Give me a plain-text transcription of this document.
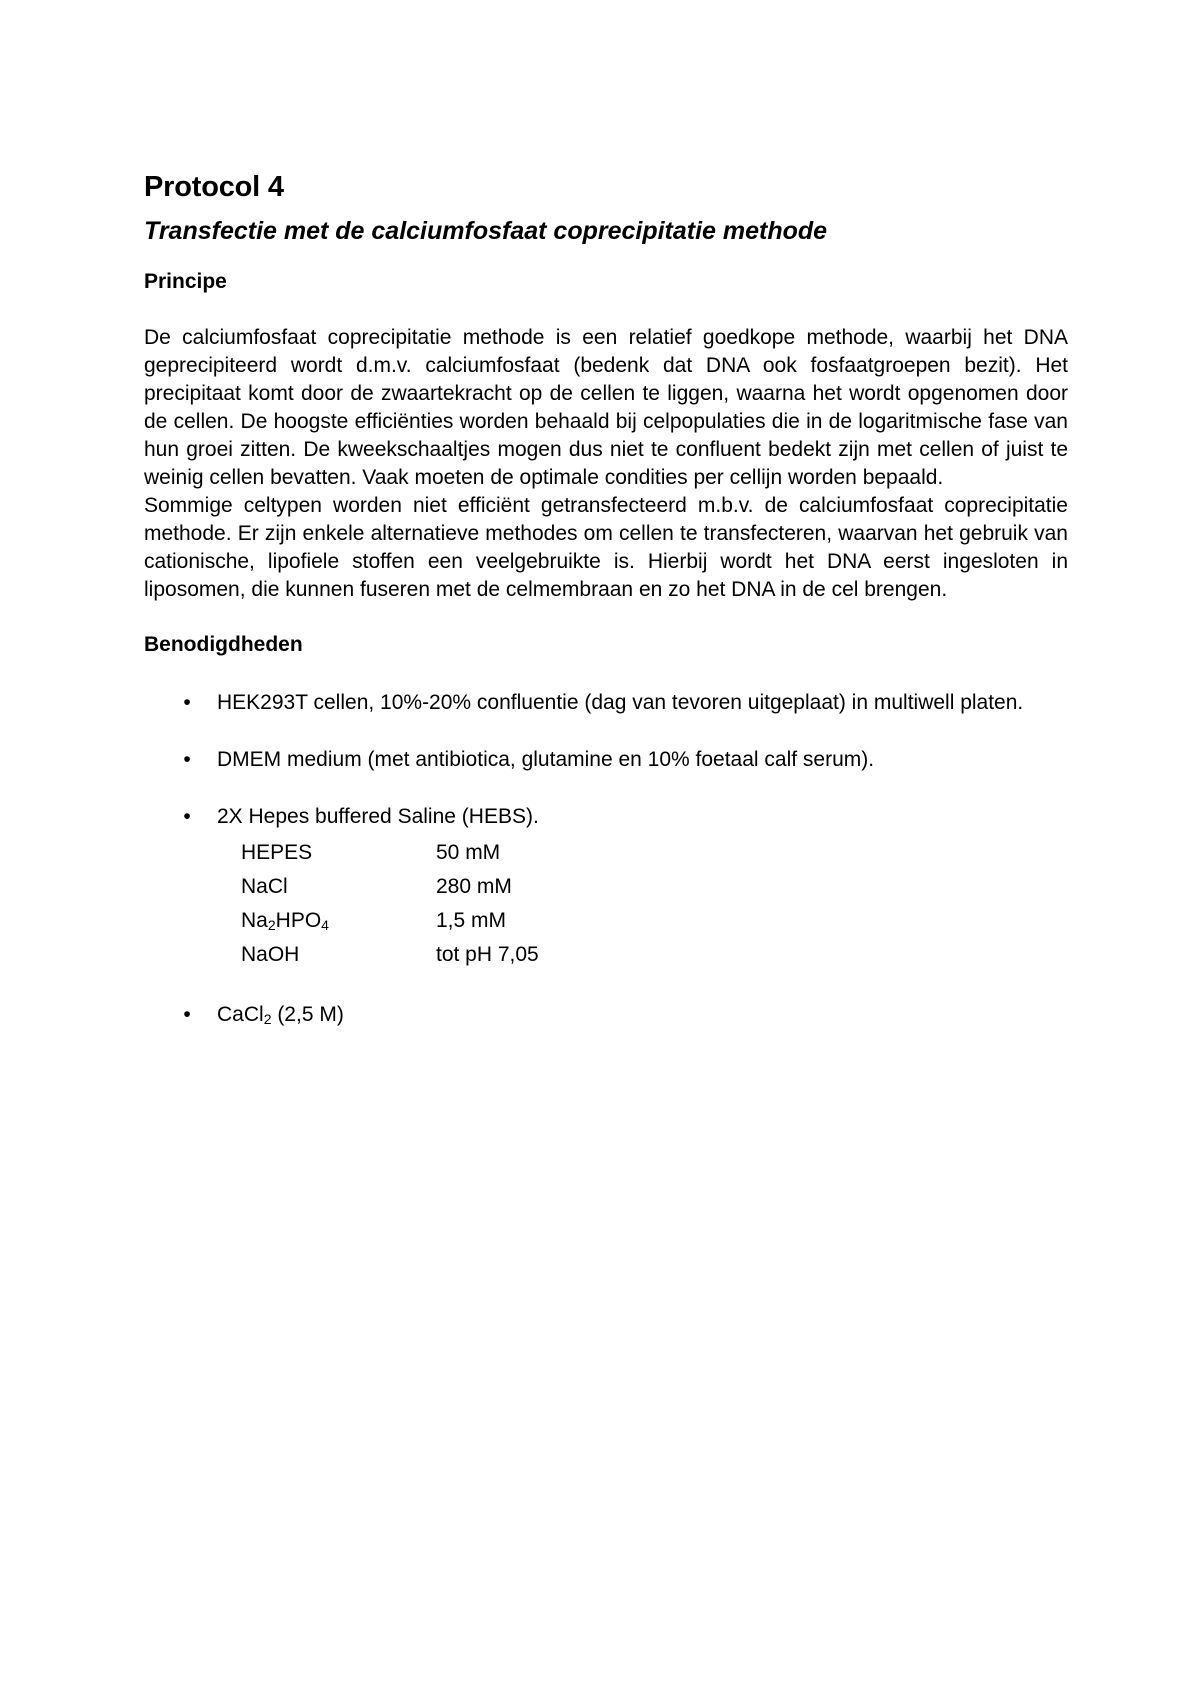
Protocol 4
Transfectie met de calciumfosfaat coprecipitatie methode
Principe

De calciumfosfaat coprecipitatie methode is een relatief goedkope methode, waarbij het DNA geprecipiteerd wordt d.m.v. calciumfosfaat (bedenk dat DNA ook fosfaatgroepen bezit). Het precipitaat komt door de zwaartekracht op de cellen te liggen, waarna het wordt opgenomen door de cellen. De hoogste efficiënties worden behaald bij celpopulaties die in de logaritmische fase van hun groei zitten. De kweekschaaltjes mogen dus niet te confluent bedekt zijn met cellen of juist te weinig cellen bevatten. Vaak moeten de optimale condities per cellijn worden bepaald.

Sommige celtypen worden niet efficiënt getransfecteerd m.b.v. de calciumfosfaat coprecipitatie methode. Er zijn enkele alternatieve methodes om cellen te transfecteren, waarvan het gebruik van cationische, lipofiele stoffen een veelgebruikte is. Hierbij wordt het DNA eerst ingesloten in liposomen, die kunnen fuseren met de celmembraan en zo het DNA in de cel brengen.

Benodigdheden
• HEK293T cellen, 10%-20% confluentie (dag van tevoren uitgeplaat) in multiwell platen.
• DMEM medium (met antibiotica, glutamine en 10% foetaal calf serum).
• 2X Hepes buffered Saline (HEBS).
HEPES	50 mM
NaCl	280 mM
$Na_2HPO_4$	1,5 mM
NaOH	tot pH 7,05
• CaCl$_2$ (2,5 M)
